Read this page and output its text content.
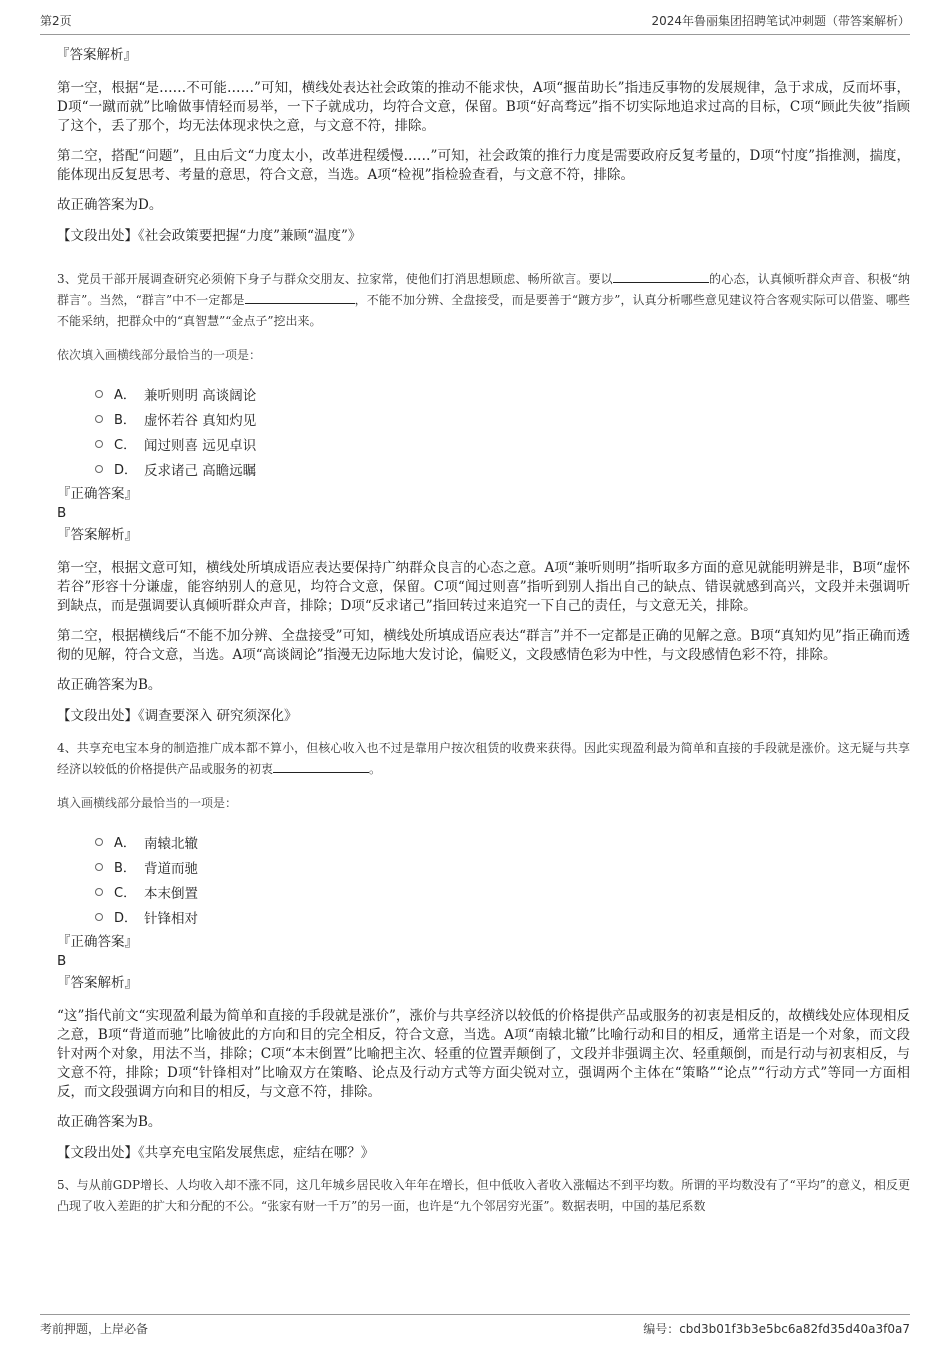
第2页	2024年鲁丽集团招聘笔试冲刺题（带答案解析）
『答案解析』

第一空，根据“是……不可能……”可知，横线处表达社会政策的推动不能求快，A项“揠苗助长”指违反事物的发展规律，急于求成，反而坏事，D项“一蹴而就”比喻做事情轻而易举，一下子就成功，均符合文意，保留。B项“好高骛远”指不切实际地追求过高的目标，C项“顾此失彼”指顾了这个，丢了那个，均无法体现求快之意，与文意不符，排除。

第二空，搭配“问题”，且由后文“力度太小，改革进程缓慢……”可知，社会政策的推行力度是需要政府反复考量的，D项“忖度”指推测，揣度，能体现出反复思考、考量的意思，符合文意，当选。A项“检视”指检验查看，与文意不符，排除。

故正确答案为D。

【文段出处】《社会政策要把握“力度”兼顾“温度”》

3、党员干部开展调查研究必须俯下身子与群众交朋友、拉家常，使他们打消思想顾虑、畅所欲言。要以	的心态，认真倾听群众声音、积极“纳群言”。当然，“群言”中不一定都是	，不能不加分辨、全盘接受，而是要善于“踱方步”，认真分析哪些意见建议符合客观实际可以借鉴、哪些不能采纳，把群众中的“真智慧”“金点子”挖出来。

依次填入画横线部分最恰当的一项是：
A． 兼听则明 高谈阔论
B． 虚怀若谷 真知灼见
C． 闻过则喜 远见卓识
D． 反求诸己 高瞻远瞩
『正确答案』
B
『答案解析』

第一空，根据文意可知，横线处所填成语应表达要保持广纳群众良言的心态之意。A项“兼听则明”指听取多方面的意见就能明辨是非，B项“虚怀若谷”形容十分谦虚，能容纳别人的意见，均符合文意，保留。C项“闻过则喜”指听到别人指出自己的缺点、错误就感到高兴，文段并未强调听到缺点，而是强调要认真倾听群众声音，排除；D项“反求诸己”指回转过来追究一下自己的责任，与文意无关，排除。

第二空，根据横线后“不能不加分辨、全盘接受”可知，横线处所填成语应表达“群言”并不一定都是正确的见解之意。B项“真知灼见”指正确而透彻的见解，符合文意，当选。A项“高谈阔论”指漫无边际地大发讨论，偏贬义，文段感情色彩为中性，与文段感情色彩不符，排除。

故正确答案为B。

【文段出处】《调查要深入 研究须深化》

4、共享充电宝本身的制造推广成本都不算小，但核心收入也不过是靠用户按次租赁的收费来获得。因此实现盈利最为简单和直接的手段就是涨价。这无疑与共享经济以较低的价格提供产品或服务的初衷	。

填入画横线部分最恰当的一项是：
A． 南辕北辙
B． 背道而驰
C． 本末倒置
D． 针锋相对
『正确答案』
B
『答案解析』

“这”指代前文“实现盈利最为简单和直接的手段就是涨价”，涨价与共享经济以较低的价格提供产品或服务的初衷是相反的，故横线处应体现相反之意，B项“背道而驰”比喻彼此的方向和目的完全相反，符合文意，当选。A项“南辕北辙”比喻行动和目的相反，通常主语是一个对象，而文段针对两个对象，用法不当，排除；C项“本末倒置”比喻把主次、轻重的位置弄颠倒了，文段并非强调主次、轻重颠倒，而是行动与初衷相反，与文意不符，排除；D项“针锋相对”比喻双方在策略、论点及行动方式等方面尖锐对立，强调两个主体在“策略”“论点”“行动方式”等同一方面相反，而文段强调方向和目的相反，与文意不符，排除。

故正确答案为B。

【文段出处】《共享充电宝陷发展焦虑，症结在哪？》

5、与从前GDP增长、人均收入却不涨不同，这几年城乡居民收入年年在增长，但中低收入者收入涨幅达不到平均数。所谓的平均数没有了“平均”的意义，相反更凸现了收入差距的扩大和分配的不公。“张家有财一千万”的另一面，也许是“九个邻居穷光蛋”。数据表明，中国的基尼系数

考前押题，上岸必备	编号：cbd3b01f3b3e5bc6a82fd35d40a3f0a7
